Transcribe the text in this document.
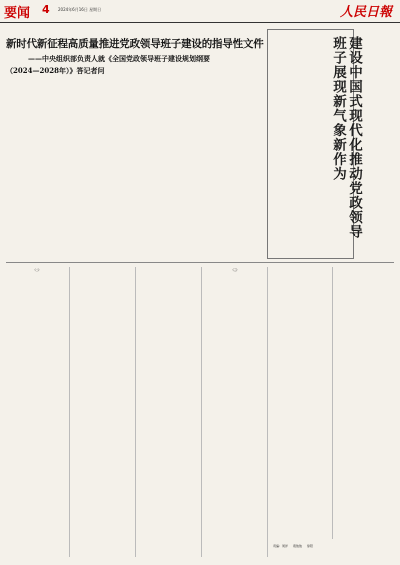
要闻 4 2024年6月16日 星期日	人民日報
新时代新征程高质量推进党政领导班子建设的指导性文件
——中央组织部负责人就《全国党政领导班子建设规划纲要
（2024—2028年）》答记者问	建设中国式现代化推动党政领导班子展现新气象新作为
（二）	（三）
责编：周洋 葛俊俊 徐阳
